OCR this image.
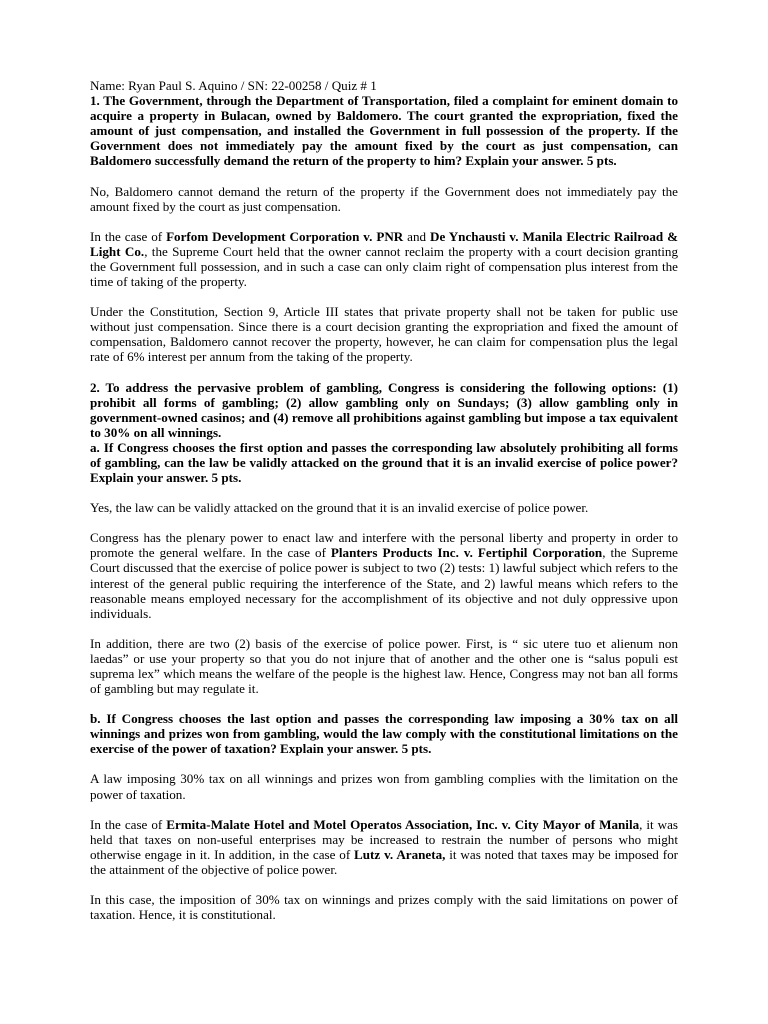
Name: Ryan Paul S. Aquino / SN: 22-00258 / Quiz # 1
1. The Government, through the Department of Transportation, filed a complaint for eminent domain to acquire a property in Bulacan, owned by Baldomero. The court granted the expropriation, fixed the amount of just compensation, and installed the Government in full possession of the property. If the Government does not immediately pay the amount fixed by the court as just compensation, can Baldomero successfully demand the return of the property to him? Explain your answer. 5 pts.
No, Baldomero cannot demand the return of the property if the Government does not immediately pay the amount fixed by the court as just compensation.
In the case of Forfom Development Corporation v. PNR and De Ynchausti v. Manila Electric Railroad & Light Co., the Supreme Court held that the owner cannot reclaim the property with a court decision granting the Government full possession, and in such a case can only claim right of compensation plus interest from the time of taking of the property.
Under the Constitution, Section 9, Article III states that private property shall not be taken for public use without just compensation. Since there is a court decision granting the expropriation and fixed the amount of compensation, Baldomero cannot recover the property, however, he can claim for compensation plus the legal rate of 6% interest per annum from the taking of the property.
2. To address the pervasive problem of gambling, Congress is considering the following options: (1) prohibit all forms of gambling; (2) allow gambling only on Sundays; (3) allow gambling only in government-owned casinos; and (4) remove all prohibitions against gambling but impose a tax equivalent to 30% on all winnings.
a. If Congress chooses the first option and passes the corresponding law absolutely prohibiting all forms of gambling, can the law be validly attacked on the ground that it is an invalid exercise of police power? Explain your answer. 5 pts.
Yes, the law can be validly attacked on the ground that it is an invalid exercise of police power.
Congress has the plenary power to enact law and interfere with the personal liberty and property in order to promote the general welfare. In the case of Planters Products Inc. v. Fertiphil Corporation, the Supreme Court discussed that the exercise of police power is subject to two (2) tests: 1) lawful subject which refers to the interest of the general public requiring the interference of the State, and 2) lawful means which refers to the reasonable means employed necessary for the accomplishment of its objective and not duly oppressive upon individuals.
In addition, there are two (2) basis of the exercise of police power. First, is “ sic utere tuo et alienum non laedas” or use your property so that you do not injure that of another and the other one is “salus populi est suprema lex” which means the welfare of the people is the highest law. Hence, Congress may not ban all forms of gambling but may regulate it.
b. If Congress chooses the last option and passes the corresponding law imposing a 30% tax on all winnings and prizes won from gambling, would the law comply with the constitutional limitations on the exercise of the power of taxation? Explain your answer. 5 pts.
A law imposing 30% tax on all winnings and prizes won from gambling complies with the limitation on the power of taxation.
In the case of Ermita-Malate Hotel and Motel Operatos Association, Inc. v. City Mayor of Manila, it was held that taxes on non-useful enterprises may be increased to restrain the number of persons who might otherwise engage in it. In addition, in the case of Lutz v. Araneta, it was noted that taxes may be imposed for the attainment of the objective of police power.
In this case, the imposition of 30% tax on winnings and prizes comply with the said limitations on power of taxation. Hence, it is constitutional.
